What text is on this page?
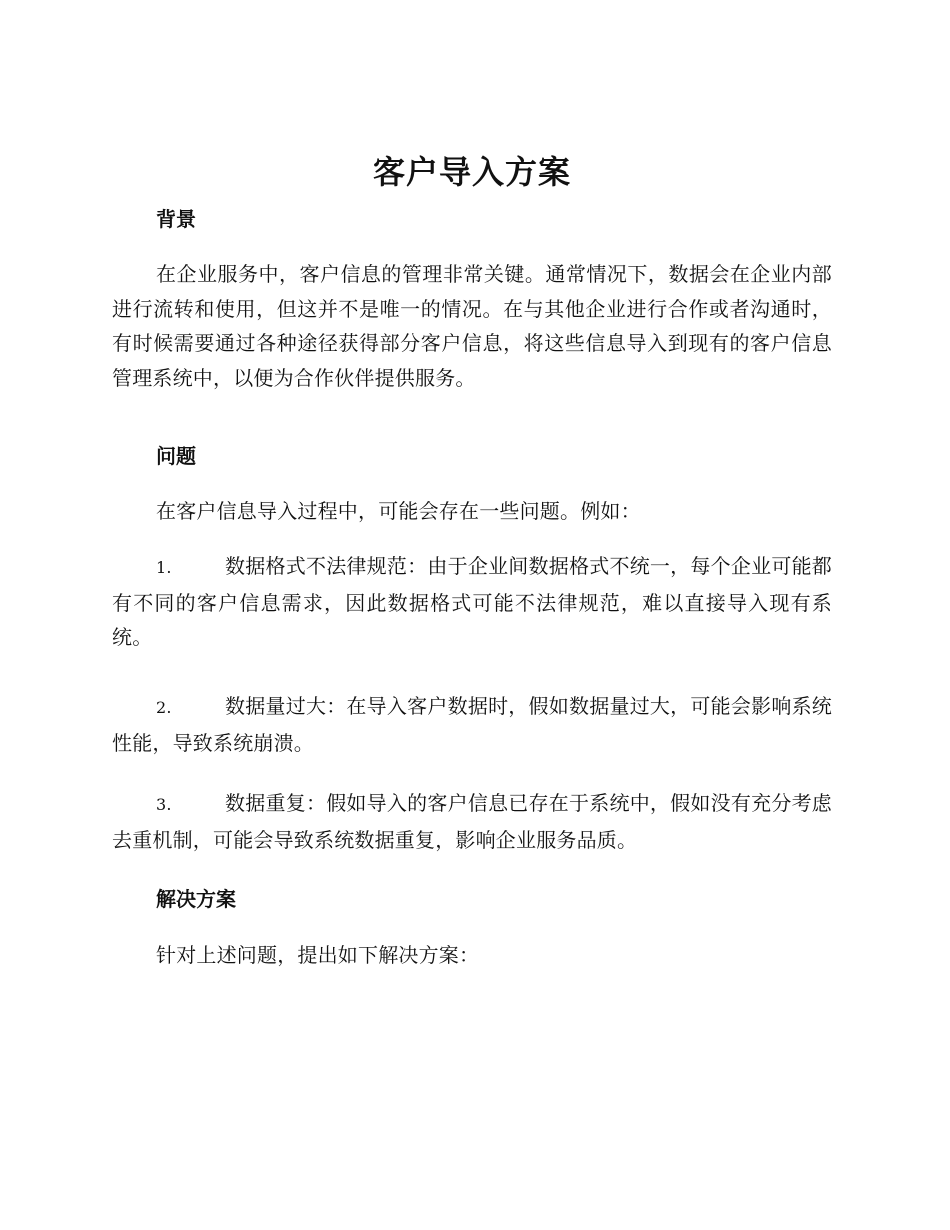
客户导入方案
背景

在企业服务中，客户信息的管理非常关键。通常情况下，数据会在企业内部进行流转和使用，但这并不是唯一的情况。在与其他企业进行合作或者沟通时，有时候需要通过各种途径获得部分客户信息，将这些信息导入到现有的客户信息管理系统中，以便为合作伙伴提供服务。

问题

在客户信息导入过程中，可能会存在一些问题。例如：

1.	数据格式不法律规范：由于企业间数据格式不统一，每个企业可能都有不同的客户信息需求，因此数据格式可能不法律规范，难以直接导入现有系统。

2.	数据量过大：在导入客户数据时，假如数据量过大，可能会影响系统性能，导致系统崩溃。

3.	数据重复：假如导入的客户信息已存在于系统中，假如没有充分考虑去重机制，可能会导致系统数据重复，影响企业服务品质。

解决方案

针对上述问题，提出如下解决方案：
